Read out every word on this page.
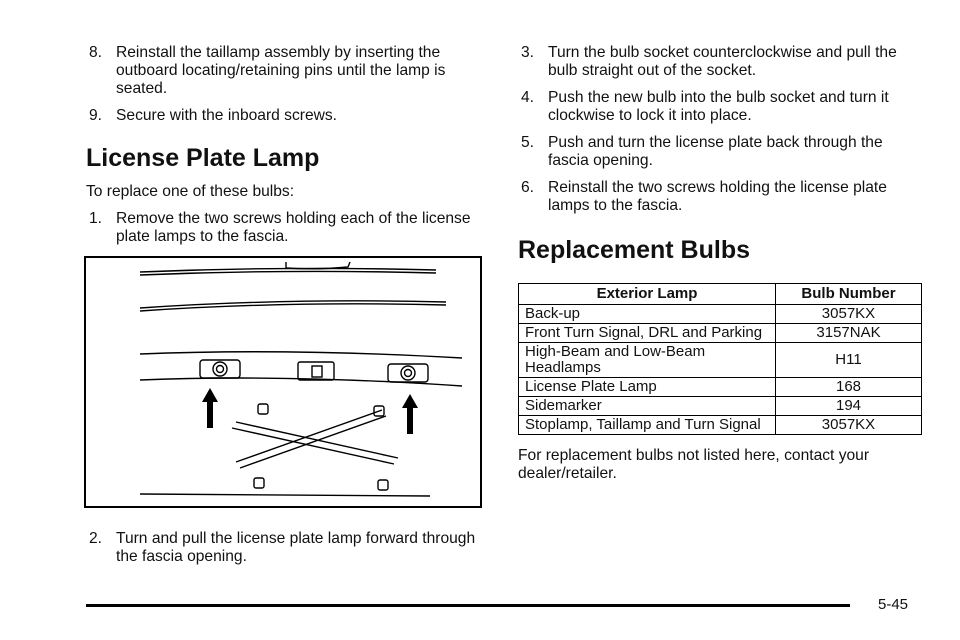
8. Reinstall the taillamp assembly by inserting the outboard locating/retaining pins until the lamp is seated.
9. Secure with the inboard screws.
License Plate Lamp

To replace one of these bulbs:

1. Remove the two screws holding each of the license plate lamps to the fascia.
2. Turn and pull the license plate lamp forward through the fascia opening.
3. Turn the bulb socket counterclockwise and pull the bulb straight out of the socket.
4. Push the new bulb into the bulb socket and turn it clockwise to lock it into place.
5. Push and turn the license plate back through the fascia opening.
6. Reinstall the two screws holding the license plate lamps to the fascia.
Replacement Bulbs
Exterior Lamp	Bulb Number
Back-up	3057KX
Front Turn Signal, DRL and Parking	3157NAK
High-Beam and Low-Beam Headlamps	H11
License Plate Lamp	168
Sidemarker	194
Stoplamp, Taillamp and Turn Signal	3057KX
For replacement bulbs not listed here, contact your dealer/retailer.
5-45
